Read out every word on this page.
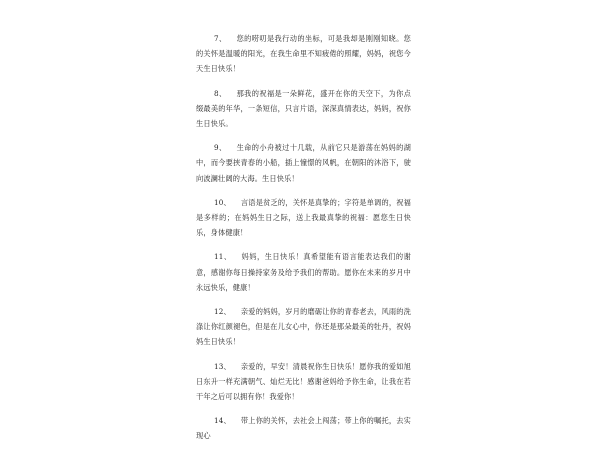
7、 您的唠叨是我行动的坐标，可是我却是刚刚知晓。您的关怀是温暖的阳光，在我生命里不知疲倦的照耀，妈妈，祝您今天生日快乐！

8、 那我的祝福是一朵鲜花，盛开在你的天空下，为你点缀最美的年华，一条短信，只言片语，深深真情表达，妈妈，祝你生日快乐。

9、 生命的小舟被过十几载，从前它只是游荡在妈妈的湖中，而今要挟青春的小船，插上憧憬的风帆，在朝阳的沐浴下，驶向波澜壮阔的大海。生日快乐！

10、 言语是贫乏的，关怀是真挚的；字符是单调的，祝福是多样的；在妈妈生日之际，送上我最真挚的祝福：愿您生日快乐，身体健康！

11、 妈妈，生日快乐！真希望能有语言能表达我们的谢意，感谢你每日操持家务及给予我们的帮助。愿你在未来的岁月中永远快乐，健康！

12、 亲爱的妈妈，岁月的磨砺让你的青春老去，风雨的洗涤让你红颜褪色，但是在儿女心中，你还是那朵最美的牡丹，祝妈妈生日快乐！

13、 亲爱的，早安！清晨祝你生日快乐！愿你我的爱如旭日东升一样充满朝气、灿烂无比！感谢爸妈给予你生命，让我在若干年之后可以拥有你！我爱你！

14、 带上你的关怀，去社会上闯荡；带上你的嘱托，去实现心
